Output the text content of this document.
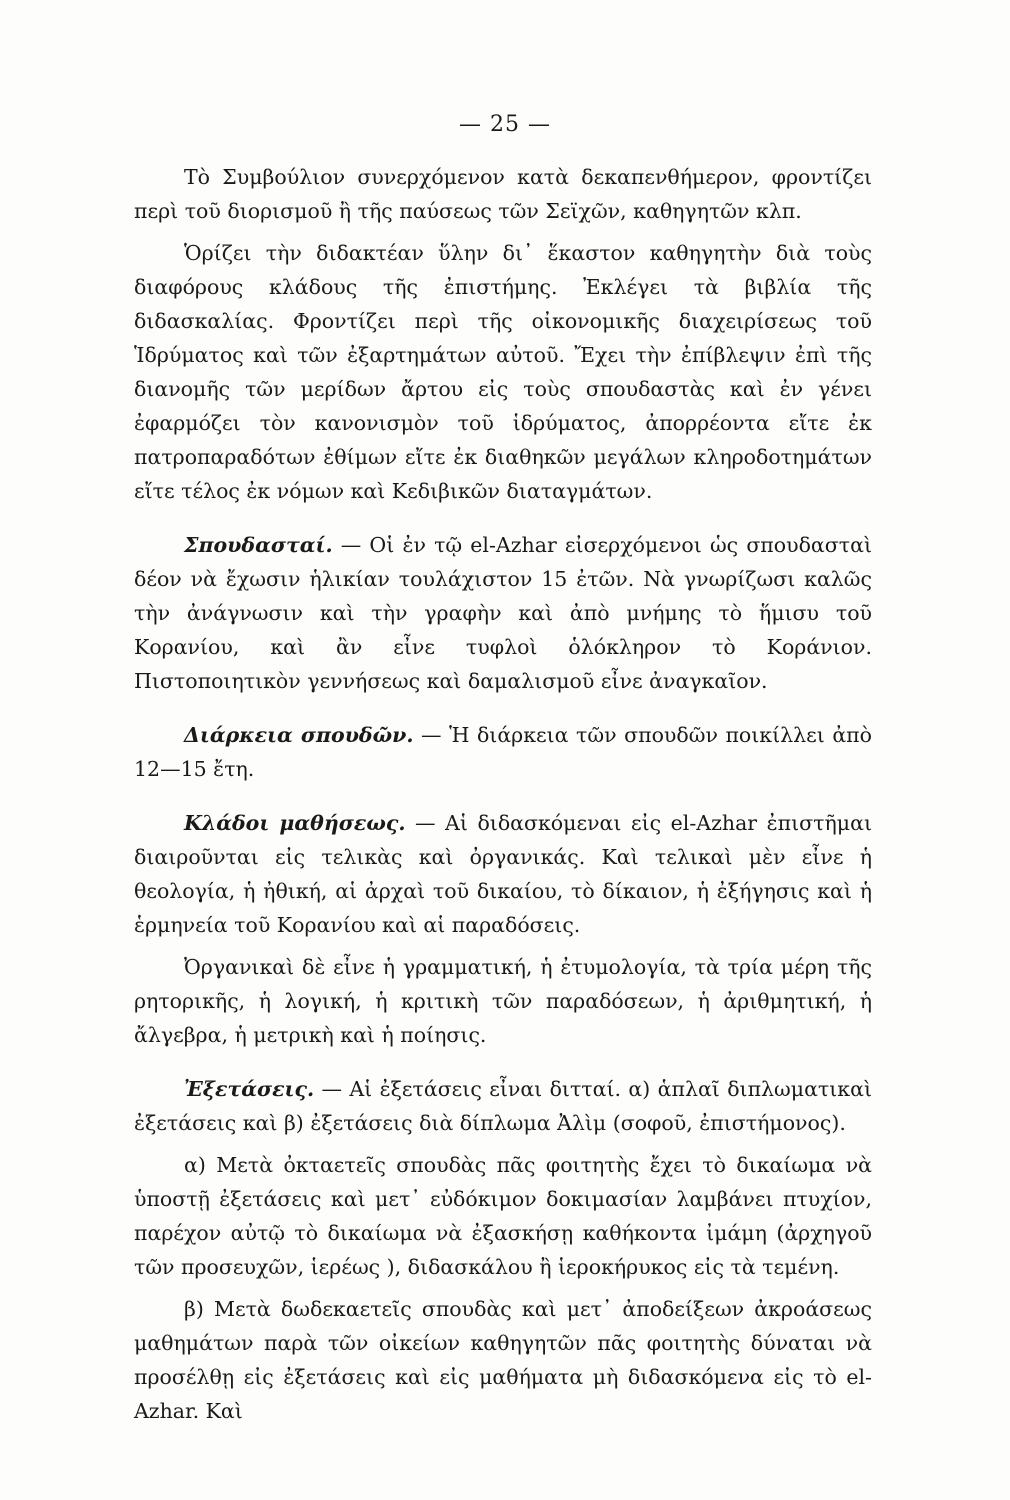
— 25 —

Τὸ Συμβούλιον συνερχόμενον κατὰ δεκαπενθήμερον, φροντίζει περὶ τοῦ διορισμοῦ ἢ τῆς παύσεως τῶν Σεϊχῶν, καθηγητῶν κλπ.

Ὁρίζει τὴν διδακτέαν ὕλην δι᾽ ἕκαστον καθηγητὴν διὰ τοὺς διαφόρους κλάδους τῆς ἐπιστήμης. Ἐκλέγει τὰ βιβλία τῆς διδασκαλίας. Φροντίζει περὶ τῆς οἰκονομικῆς διαχειρίσεως τοῦ Ἱδρύματος καὶ τῶν ἐξαρτημάτων αὐτοῦ. Ἔχει τὴν ἐπίβλεψιν ἐπὶ τῆς διανομῆς τῶν μερίδων ἄρτου εἰς τοὺς σπουδαστὰς καὶ ἐν γένει ἐφαρμόζει τὸν κανονισμὸν τοῦ ἱδρύματος, ἀπορρέοντα εἴτε ἐκ πατροπαραδότων ἐθίμων εἴτε ἐκ διαθηκῶν μεγάλων κληροδοτημάτων εἴτε τέλος ἐκ νόμων καὶ Κεδιβικῶν διαταγμάτων.

Σπουδασταί. — Οἱ ἐν τῷ el-Azhar εἰσερχόμενοι ὡς σπουδασταὶ δέον νὰ ἔχωσιν ἡλικίαν τουλάχιστον 15 ἐτῶν. Νὰ γνωρίζωσι καλῶς τὴν ἀνάγνωσιν καὶ τὴν γραφὴν καὶ ἀπὸ μνήμης τὸ ἥμισυ τοῦ Κορανίου, καὶ ἂν εἶνε τυφλοὶ ὁλόκληρον τὸ Κοράνιον. Πιστοποιητικὸν γεννήσεως καὶ δαμαλισμοῦ εἶνε ἀναγκαῖον.

Διάρκεια σπουδῶν. — Ἡ διάρκεια τῶν σπουδῶν ποικίλλει ἀπὸ 12—15 ἔτη.

Κλάδοι μαθήσεως. — Αἱ διδασκόμεναι εἰς el-Azhar ἐπιστῆμαι διαιροῦνται εἰς τελικὰς καὶ ὀργανικάς. Καὶ τελικαὶ μὲν εἶνε ἡ θεολογία, ἡ ἠθική, αἱ ἀρχαὶ τοῦ δικαίου, τὸ δίκαιον, ἡ ἐξήγησις καὶ ἡ ἑρμηνεία τοῦ Κορανίου καὶ αἱ παραδόσεις.

Ὀργανικαὶ δὲ εἶνε ἡ γραμματική, ἡ ἐτυμολογία, τὰ τρία μέρη τῆς ρητορικῆς, ἡ λογική, ἡ κριτικὴ τῶν παραδόσεων, ἡ ἀριθμητική, ἡ ἄλγεβρα, ἡ μετρικὴ καὶ ἡ ποίησις.

Ἐξετάσεις. — Αἱ ἐξετάσεις εἶναι διτταί. α) ἁπλαῖ διπλωματικαὶ ἐξετάσεις καὶ β) ἐξετάσεις διὰ δίπλωμα Ἀλὶμ (σοφοῦ, ἐπιστήμονος).

α) Μετὰ ὀκταετεῖς σπουδὰς πᾶς φοιτητὴς ἔχει τὸ δικαίωμα νὰ ὑποστῇ ἐξετάσεις καὶ μετ᾽ εὐδόκιμον δοκιμασίαν λαμβάνει πτυχίον, παρέχον αὐτῷ τὸ δικαίωμα νὰ ἐξασκήσῃ καθήκοντα ἰμάμη (ἀρχηγοῦ τῶν προσευχῶν, ἱερέως ), διδασκάλου ἢ ἱεροκήρυκος εἰς τὰ τεμένη.

β) Μετὰ δωδεκαετεῖς σπουδὰς καὶ μετ᾽ ἀποδείξεων ἀκροάσεως μαθημάτων παρὰ τῶν οἰκείων καθηγητῶν πᾶς φοιτητὴς δύναται νὰ προσέλθῃ εἰς ἐξετάσεις καὶ εἰς μαθήματα μὴ διδασκόμενα εἰς τὸ el-Azhar. Καὶ
